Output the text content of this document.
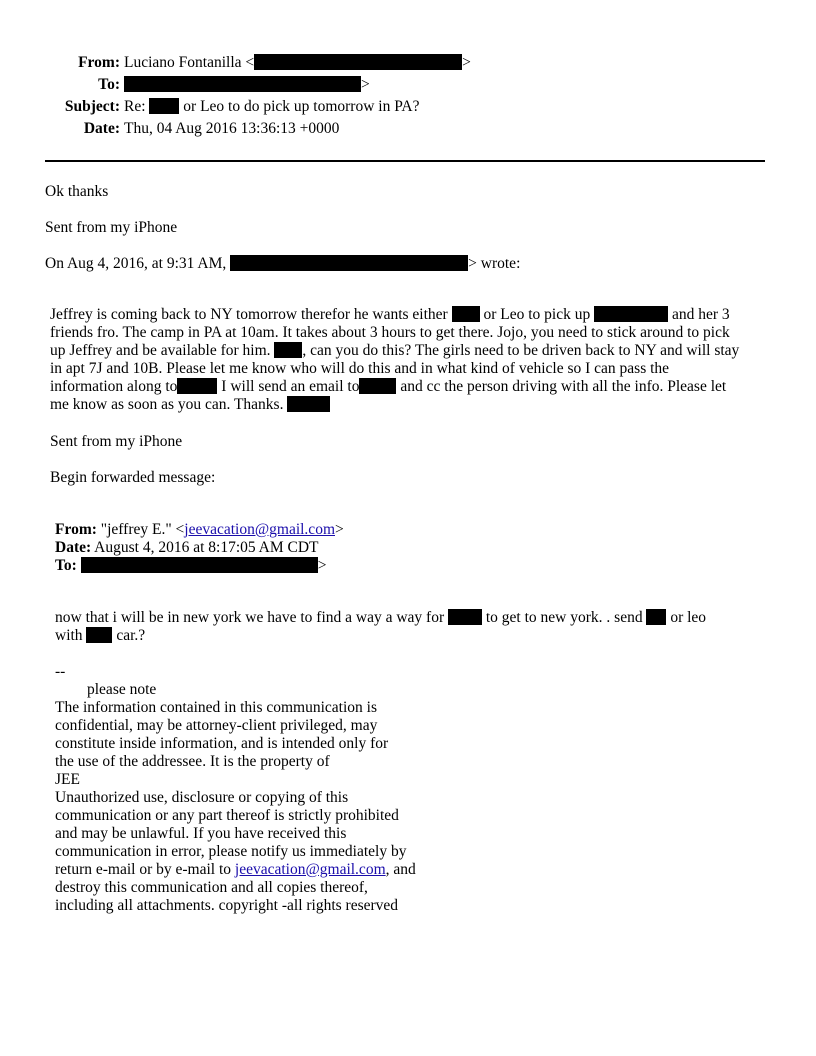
From: Luciano Fontanilla <	>
To:	>
Subject: Re:  or Leo to do pick up tomorrow in PA?
Date: Thu, 04 Aug 2016 13:36:13 +0000
Ok thanks
Sent from my iPhone
On Aug 4, 2016, at 9:31 AM,	> wrote:
Jeffrey is coming back to NY tomorrow therefor he wants either  or Leo to pick up	and her 3
friends fro. The camp in PA at 10am. It takes about 3 hours to get there. Jojo, you need to stick around to pick
up Jeffrey and be available for him. , can you do this? The girls need to be driven back to NY and will stay
in apt 7J and 10B. Please let me know who will do this and in what kind of vehicle so I can pass the
information along to	I will send an email to and cc the person driving with all the info. Please let
me know as soon as you can. Thanks.
Sent from my iPhone
Begin forwarded message:
From: "jeffrey E." <jeevacation@gmail.com>
Date: August 4, 2016 at 8:17:05 AM CDT
To:	>
now that i will be in new york we have to find a way a way for  to get to new york. . send  or leo
with  car.?
--
please note
The information contained in this communication is
confidential, may be attorney-client privileged, may
constitute inside information, and is intended only for
the use of the addressee. It is the property of
JEE
Unauthorized use, disclosure or copying of this
communication or any part thereof is strictly prohibited
and may be unlawful. If you have received this
communication in error, please notify us immediately by
return e-mail or by e-mail to jeevacation@gmail.com, and
destroy this communication and all copies thereof,
including all attachments. copyright -all rights reserved
